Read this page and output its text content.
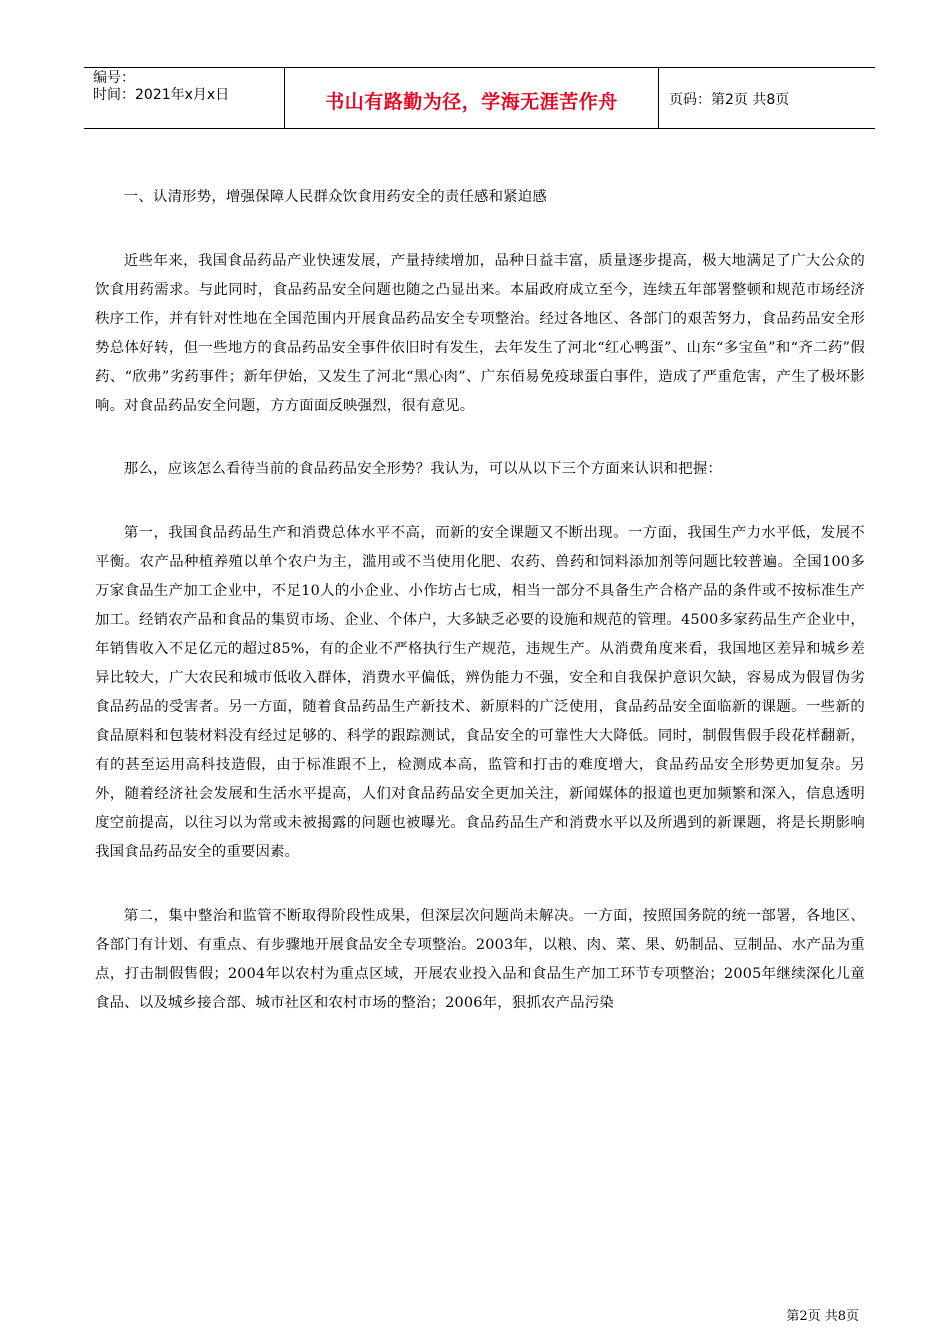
编号：
时间：2021年x月x日	书山有路勤为径，学海无涯苦作舟	页码：第2页 共8页

一、认清形势，增强保障人民群众饮食用药安全的责任感和紧迫感

近些年来，我国食品药品产业快速发展，产量持续增加，品种日益丰富，质量逐步提高，极大地满足了广大公众的饮食用药需求。与此同时，食品药品安全问题也随之凸显出来。本届政府成立至今，连续五年部署整顿和规范市场经济秩序工作，并有针对性地在全国范围内开展食品药品安全专项整治。经过各地区、各部门的艰苦努力，食品药品安全形势总体好转，但一些地方的食品药品安全事件依旧时有发生，去年发生了河北“红心鸭蛋”、山东“多宝鱼”和“齐二药”假药、“欣弗”劣药事件；新年伊始，又发生了河北“黑心肉”、广东佰易免疫球蛋白事件，造成了严重危害，产生了极坏影响。对食品药品安全问题，方方面面反映强烈，很有意见。

那么，应该怎么看待当前的食品药品安全形势？我认为，可以从以下三个方面来认识和把握：

第一，我国食品药品生产和消费总体水平不高，而新的安全课题又不断出现。一方面，我国生产力水平低，发展不平衡。农产品种植养殖以单个农户为主，滥用或不当使用化肥、农药、兽药和饲料添加剂等问题比较普遍。全国100多万家食品生产加工企业中，不足10人的小企业、小作坊占七成，相当一部分不具备生产合格产品的条件或不按标准生产加工。经销农产品和食品的集贸市场、企业、个体户，大多缺乏必要的设施和规范的管理。4500多家药品生产企业中，年销售收入不足亿元的超过85%，有的企业不严格执行生产规范，违规生产。从消费角度来看，我国地区差异和城乡差异比较大，广大农民和城市低收入群体，消费水平偏低，辨伪能力不强，安全和自我保护意识欠缺，容易成为假冒伪劣食品药品的受害者。另一方面，随着食品药品生产新技术、新原料的广泛使用，食品药品安全面临新的课题。一些新的食品原料和包装材料没有经过足够的、科学的跟踪测试，食品安全的可靠性大大降低。同时，制假售假手段花样翻新，有的甚至运用高科技造假，由于标准跟不上，检测成本高，监管和打击的难度增大，食品药品安全形势更加复杂。另外，随着经济社会发展和生活水平提高，人们对食品药品安全更加关注，新闻媒体的报道也更加频繁和深入，信息透明度空前提高，以往习以为常或未被揭露的问题也被曝光。食品药品生产和消费水平以及所遇到的新课题，将是长期影响我国食品药品安全的重要因素。

第二，集中整治和监管不断取得阶段性成果，但深层次问题尚未解决。一方面，按照国务院的统一部署，各地区、各部门有计划、有重点、有步骤地开展食品安全专项整治。2003年，以粮、肉、菜、果、奶制品、豆制品、水产品为重点，打击制假售假；2004年以农村为重点区域，开展农业投入品和食品生产加工环节专项整治；2005年继续深化儿童食品、以及城乡接合部、城市社区和农村市场的整治；2006年，狠抓农产品污染

第2页 共8页
